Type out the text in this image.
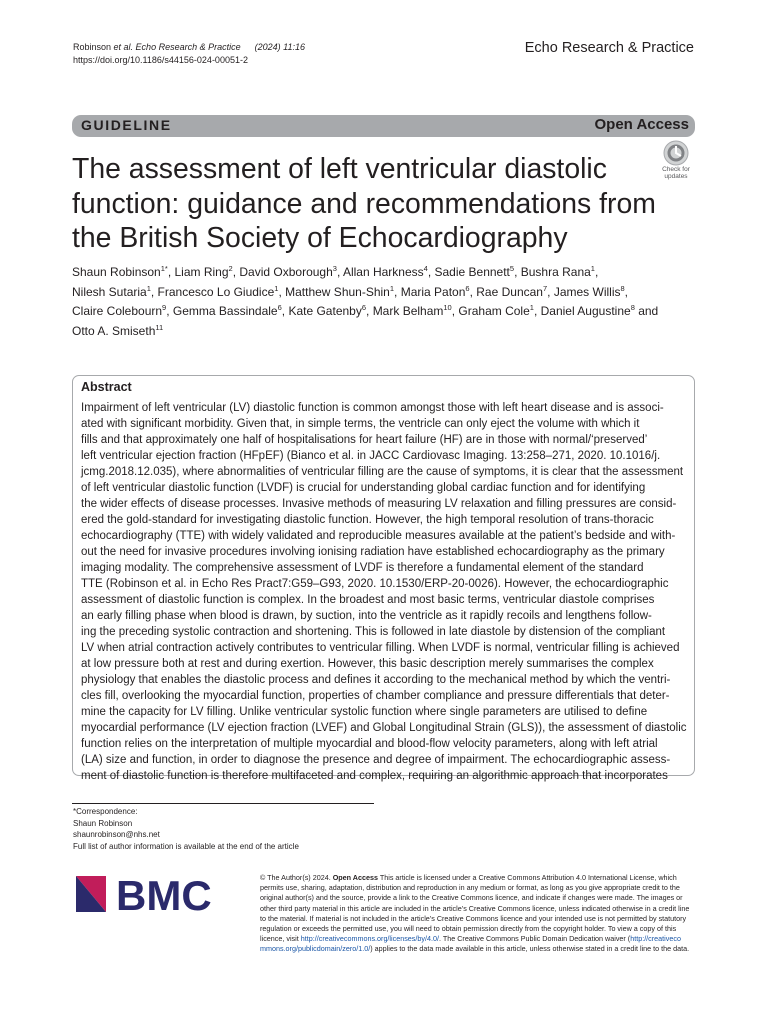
Robinson et al. Echo Research & Practice (2024) 11:16
https://doi.org/10.1186/s44156-024-00051-2
Echo Research & Practice
GUIDELINE	Open Access
Check for
updates
The assessment of left ventricular diastolic function: guidance and recommendations from the British Society of Echocardiography
Shaun Robinson$^{1*}$, Liam Ring$^2$, David Oxborough$^3$, Allan Harkness$^4$, Sadie Bennett$^5$, Bushra Rana$^1$,
Nilesh Sutaria$^1$, Francesco Lo Giudice$^1$, Matthew Shun-Shin$^1$, Maria Paton$^6$, Rae Duncan$^7$, James Willis$^8$,
Claire Colebourn$^9$, Gemma Bassindale$^6$, Kate Gatenby$^6$, Mark Belham$^{10}$, Graham Cole$^1$, Daniel Augustine$^8$ and
Otto A. Smiseth$^{11}$
Abstract
Impairment of left ventricular (LV) diastolic function is common amongst those with left heart disease and is associ-
ated with significant morbidity. Given that, in simple terms, the ventricle can only eject the volume with which it
fills and that approximately one half of hospitalisations for heart failure (HF) are in those with normal/‘preserved’
left ventricular ejection fraction (HFpEF) (Bianco et al. in JACC Cardiovasc Imaging. 13:258–271, 2020. 10.1016/j.
jcmg.2018.12.035), where abnormalities of ventricular filling are the cause of symptoms, it is clear that the assessment
of left ventricular diastolic function (LVDF) is crucial for understanding global cardiac function and for identifying
the wider effects of disease processes. Invasive methods of measuring LV relaxation and filling pressures are consid-
ered the gold-standard for investigating diastolic function. However, the high temporal resolution of trans-thoracic
echocardiography (TTE) with widely validated and reproducible measures available at the patient’s bedside and with-
out the need for invasive procedures involving ionising radiation have established echocardiography as the primary
imaging modality. The comprehensive assessment of LVDF is therefore a fundamental element of the standard
TTE (Robinson et al. in Echo Res Pract7:G59–G93, 2020. 10.1530/ERP-20-0026). However, the echocardiographic
assessment of diastolic function is complex. In the broadest and most basic terms, ventricular diastole comprises
an early filling phase when blood is drawn, by suction, into the ventricle as it rapidly recoils and lengthens follow-
ing the preceding systolic contraction and shortening. This is followed in late diastole by distension of the compliant
LV when atrial contraction actively contributes to ventricular filling. When LVDF is normal, ventricular filling is achieved
at low pressure both at rest and during exertion. However, this basic description merely summarises the complex
physiology that enables the diastolic process and defines it according to the mechanical method by which the ventri-
cles fill, overlooking the myocardial function, properties of chamber compliance and pressure differentials that deter-
mine the capacity for LV filling. Unlike ventricular systolic function where single parameters are utilised to define
myocardial performance (LV ejection fraction (LVEF) and Global Longitudinal Strain (GLS)), the assessment of diastolic
function relies on the interpretation of multiple myocardial and blood-flow velocity parameters, along with left atrial
(LA) size and function, in order to diagnose the presence and degree of impairment. The echocardiographic assess-
ment of diastolic function is therefore multifaceted and complex, requiring an algorithmic approach that incorporates
*Correspondence:
Shaun Robinson
shaunrobinson@nhs.net
Full list of author information is available at the end of the article
BMC	© The Author(s) 2024. Open Access This article is licensed under a Creative Commons Attribution 4.0 International License, which
permits use, sharing, adaptation, distribution and reproduction in any medium or format, as long as you give appropriate credit to the
original author(s) and the source, provide a link to the Creative Commons licence, and indicate if changes were made. The images or
other third party material in this article are included in the article’s Creative Commons licence, unless indicated otherwise in a credit line
to the material. If material is not included in the article’s Creative Commons licence and your intended use is not permitted by statutory
regulation or exceeds the permitted use, you will need to obtain permission directly from the copyright holder. To view a copy of this
licence, visit http://creativecommons.org/licenses/by/4.0/. The Creative Commons Public Domain Dedication waiver (http://creativeco
mmons.org/publicdomain/zero/1.0/) applies to the data made available in this article, unless otherwise stated in a credit line to the data.
